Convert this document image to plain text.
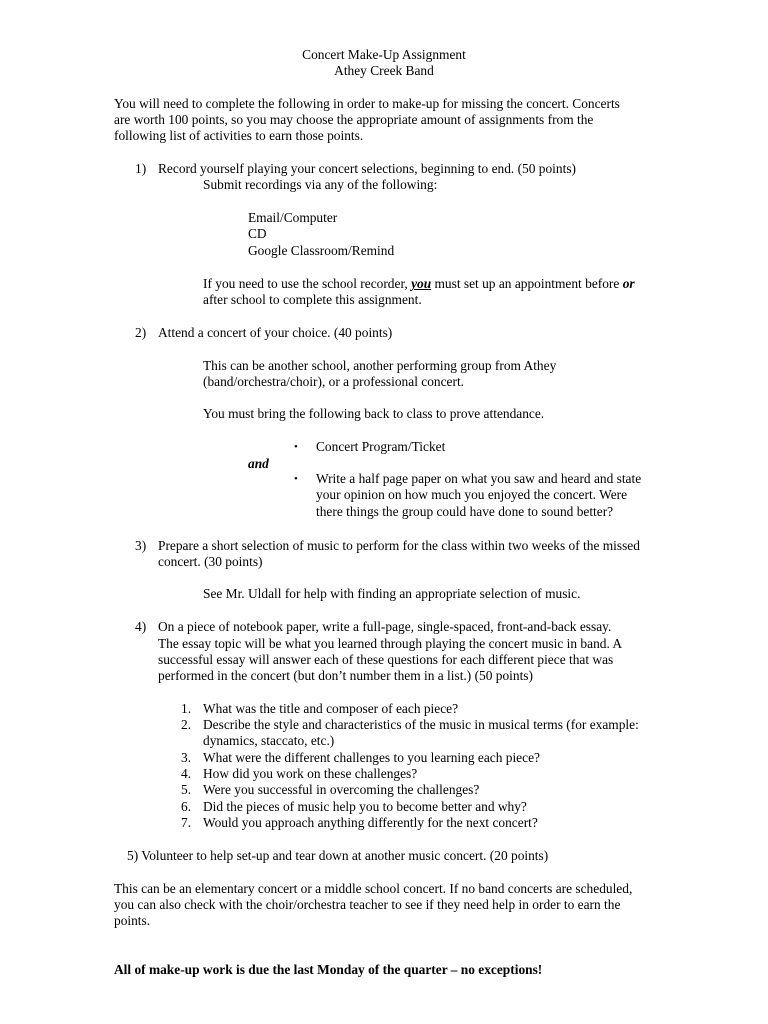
Concert Make-Up Assignment
Athey Creek Band
You will need to complete the following in order to make-up for missing the concert. Concerts
are worth 100 points, so you may choose the appropriate amount of assignments from the
following list of activities to earn those points.
1) Record yourself playing your concert selections, beginning to end. (50 points)
Submit recordings via any of the following:
Email/Computer
CD
Google Classroom/Remind
If you need to use the school recorder, you must set up an appointment before or
after school to complete this assignment.
2) Attend a concert of your choice. (40 points)
This can be another school, another performing group from Athey
(band/orchestra/choir), or a professional concert.
You must bring the following back to class to prove attendance.
• Concert Program/Ticket
and
• Write a half page paper on what you saw and heard and state
your opinion on how much you enjoyed the concert. Were
there things the group could have done to sound better?
3) Prepare a short selection of music to perform for the class within two weeks of the missed
concert. (30 points)
See Mr. Uldall for help with finding an appropriate selection of music.
4) On a piece of notebook paper, write a full-page, single-spaced, front-and-back essay.
The essay topic will be what you learned through playing the concert music in band. A
successful essay will answer each of these questions for each different piece that was
performed in the concert (but don’t number them in a list.) (50 points)
1. What was the title and composer of each piece?
2. Describe the style and characteristics of the music in musical terms (for example:
dynamics, staccato, etc.)
3. What were the different challenges to you learning each piece?
4. How did you work on these challenges?
5. Were you successful in overcoming the challenges?
6. Did the pieces of music help you to become better and why?
7. Would you approach anything differently for the next concert?
5) Volunteer to help set-up and tear down at another music concert. (20 points)
This can be an elementary concert or a middle school concert. If no band concerts are scheduled,
you can also check with the choir/orchestra teacher to see if they need help in order to earn the
points.
All of make-up work is due the last Monday of the quarter – no exceptions!
